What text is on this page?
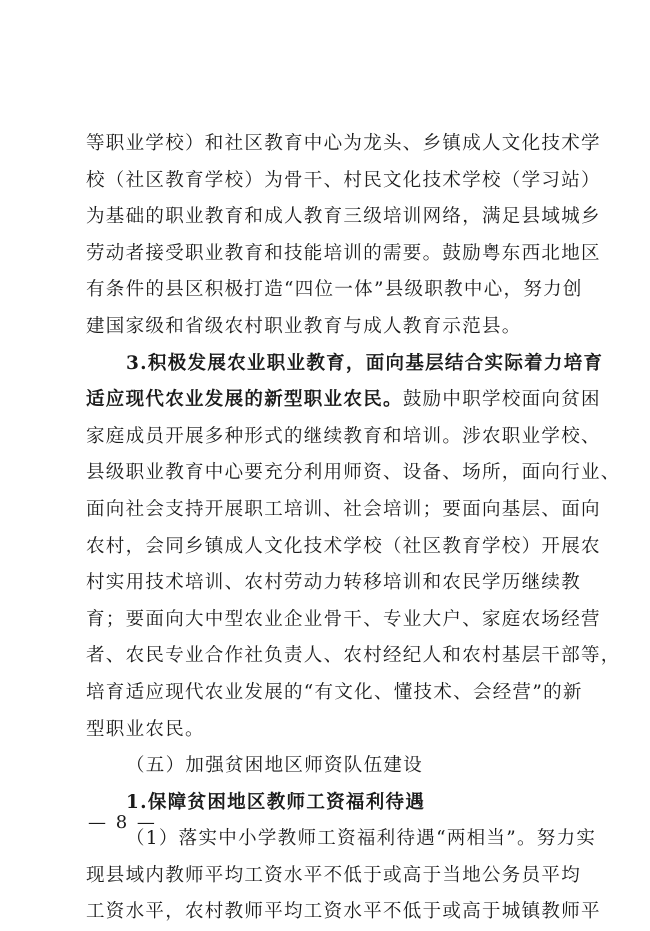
等职业学校）和社区教育中心为龙头、乡镇成人文化技术学
校（社区教育学校）为骨干、村民文化技术学校（学习站）
为基础的职业教育和成人教育三级培训网络，满足县域城乡
劳动者接受职业教育和技能培训的需要。鼓励粤东西北地区
有条件的县区积极打造“四位一体”县级职教中心，努力创
建国家级和省级农村职业教育与成人教育示范县。
3.积极发展农业职业教育，面向基层结合实际着力培育
适应现代农业发展的新型职业农民。鼓励中职学校面向贫困
家庭成员开展多种形式的继续教育和培训。涉农职业学校、
县级职业教育中心要充分利用师资、设备、场所，面向行业、
面向社会支持开展职工培训、社会培训；要面向基层、面向
农村，会同乡镇成人文化技术学校（社区教育学校）开展农
村实用技术培训、农村劳动力转移培训和农民学历继续教
育；要面向大中型农业企业骨干、专业大户、家庭农场经营
者、农民专业合作社负责人、农村经纪人和农村基层干部等，
培育适应现代农业发展的“有文化、懂技术、会经营”的新
型职业农民。
（五）加强贫困地区师资队伍建设
1.保障贫困地区教师工资福利待遇
（1）落实中小学教师工资福利待遇“两相当”。努力实
现县域内教师平均工资水平不低于或高于当地公务员平均
工资水平，农村教师平均工资水平不低于或高于城镇教师平
— 8 —
